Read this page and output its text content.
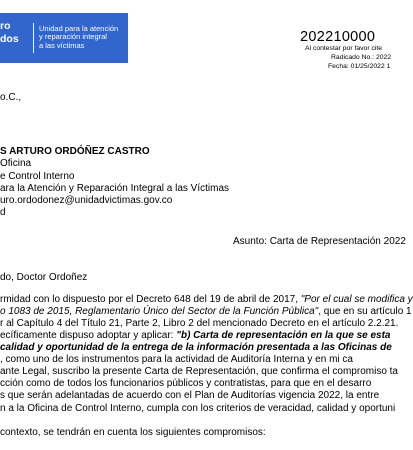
ro
dos
Unidad para la atención
y reparación integral
a las víctimas
202210000
Al contestar por favor cite
Radicado No.: 2022
Fecha: 01/25/2022 1
o.C.,
S ARTURO ORDÓÑEZ CASTRO
Oficina
e Control Interno
ara la Atención y Reparación Integral a las Víctimas
uro.ordodonez@unidadvictimas.gov.co
d
Asunto: Carta de Representación 2022
do, Doctor Ordoñez
rmidad con lo dispuesto por el Decreto 648 del 19 de abril de 2017, "Por el cual se modifica y
o 1083 de 2015, Reglamentario Único del Sector de la Función Pública", que en su artículo 1
r al Capítulo 4 del Título 21, Parte 2, Libro 2 del mencionado Decreto en el artículo 2.2.21.
ecíficamente dispuso adoptar y aplicar: "b) Carta de representación en la que se esta
calidad y oportunidad de la entrega de la información presentada a las Oficinas de
, como uno de los instrumentos para la actividad de Auditoría Interna y en mi ca
ante Legal, suscribo la presente Carta de Representación, que confirma el compromiso ta
cción como de todos los funcionarios públicos y contratistas, para que en el desarro
s que serán adelantadas de acuerdo con el Plan de Auditorías vigencia 2022, la entre
n a la Oficina de Control Interno, cumpla con los criterios de veracidad, calidad y oportuni
contexto, se tendrán en cuenta los siguientes compromisos:
